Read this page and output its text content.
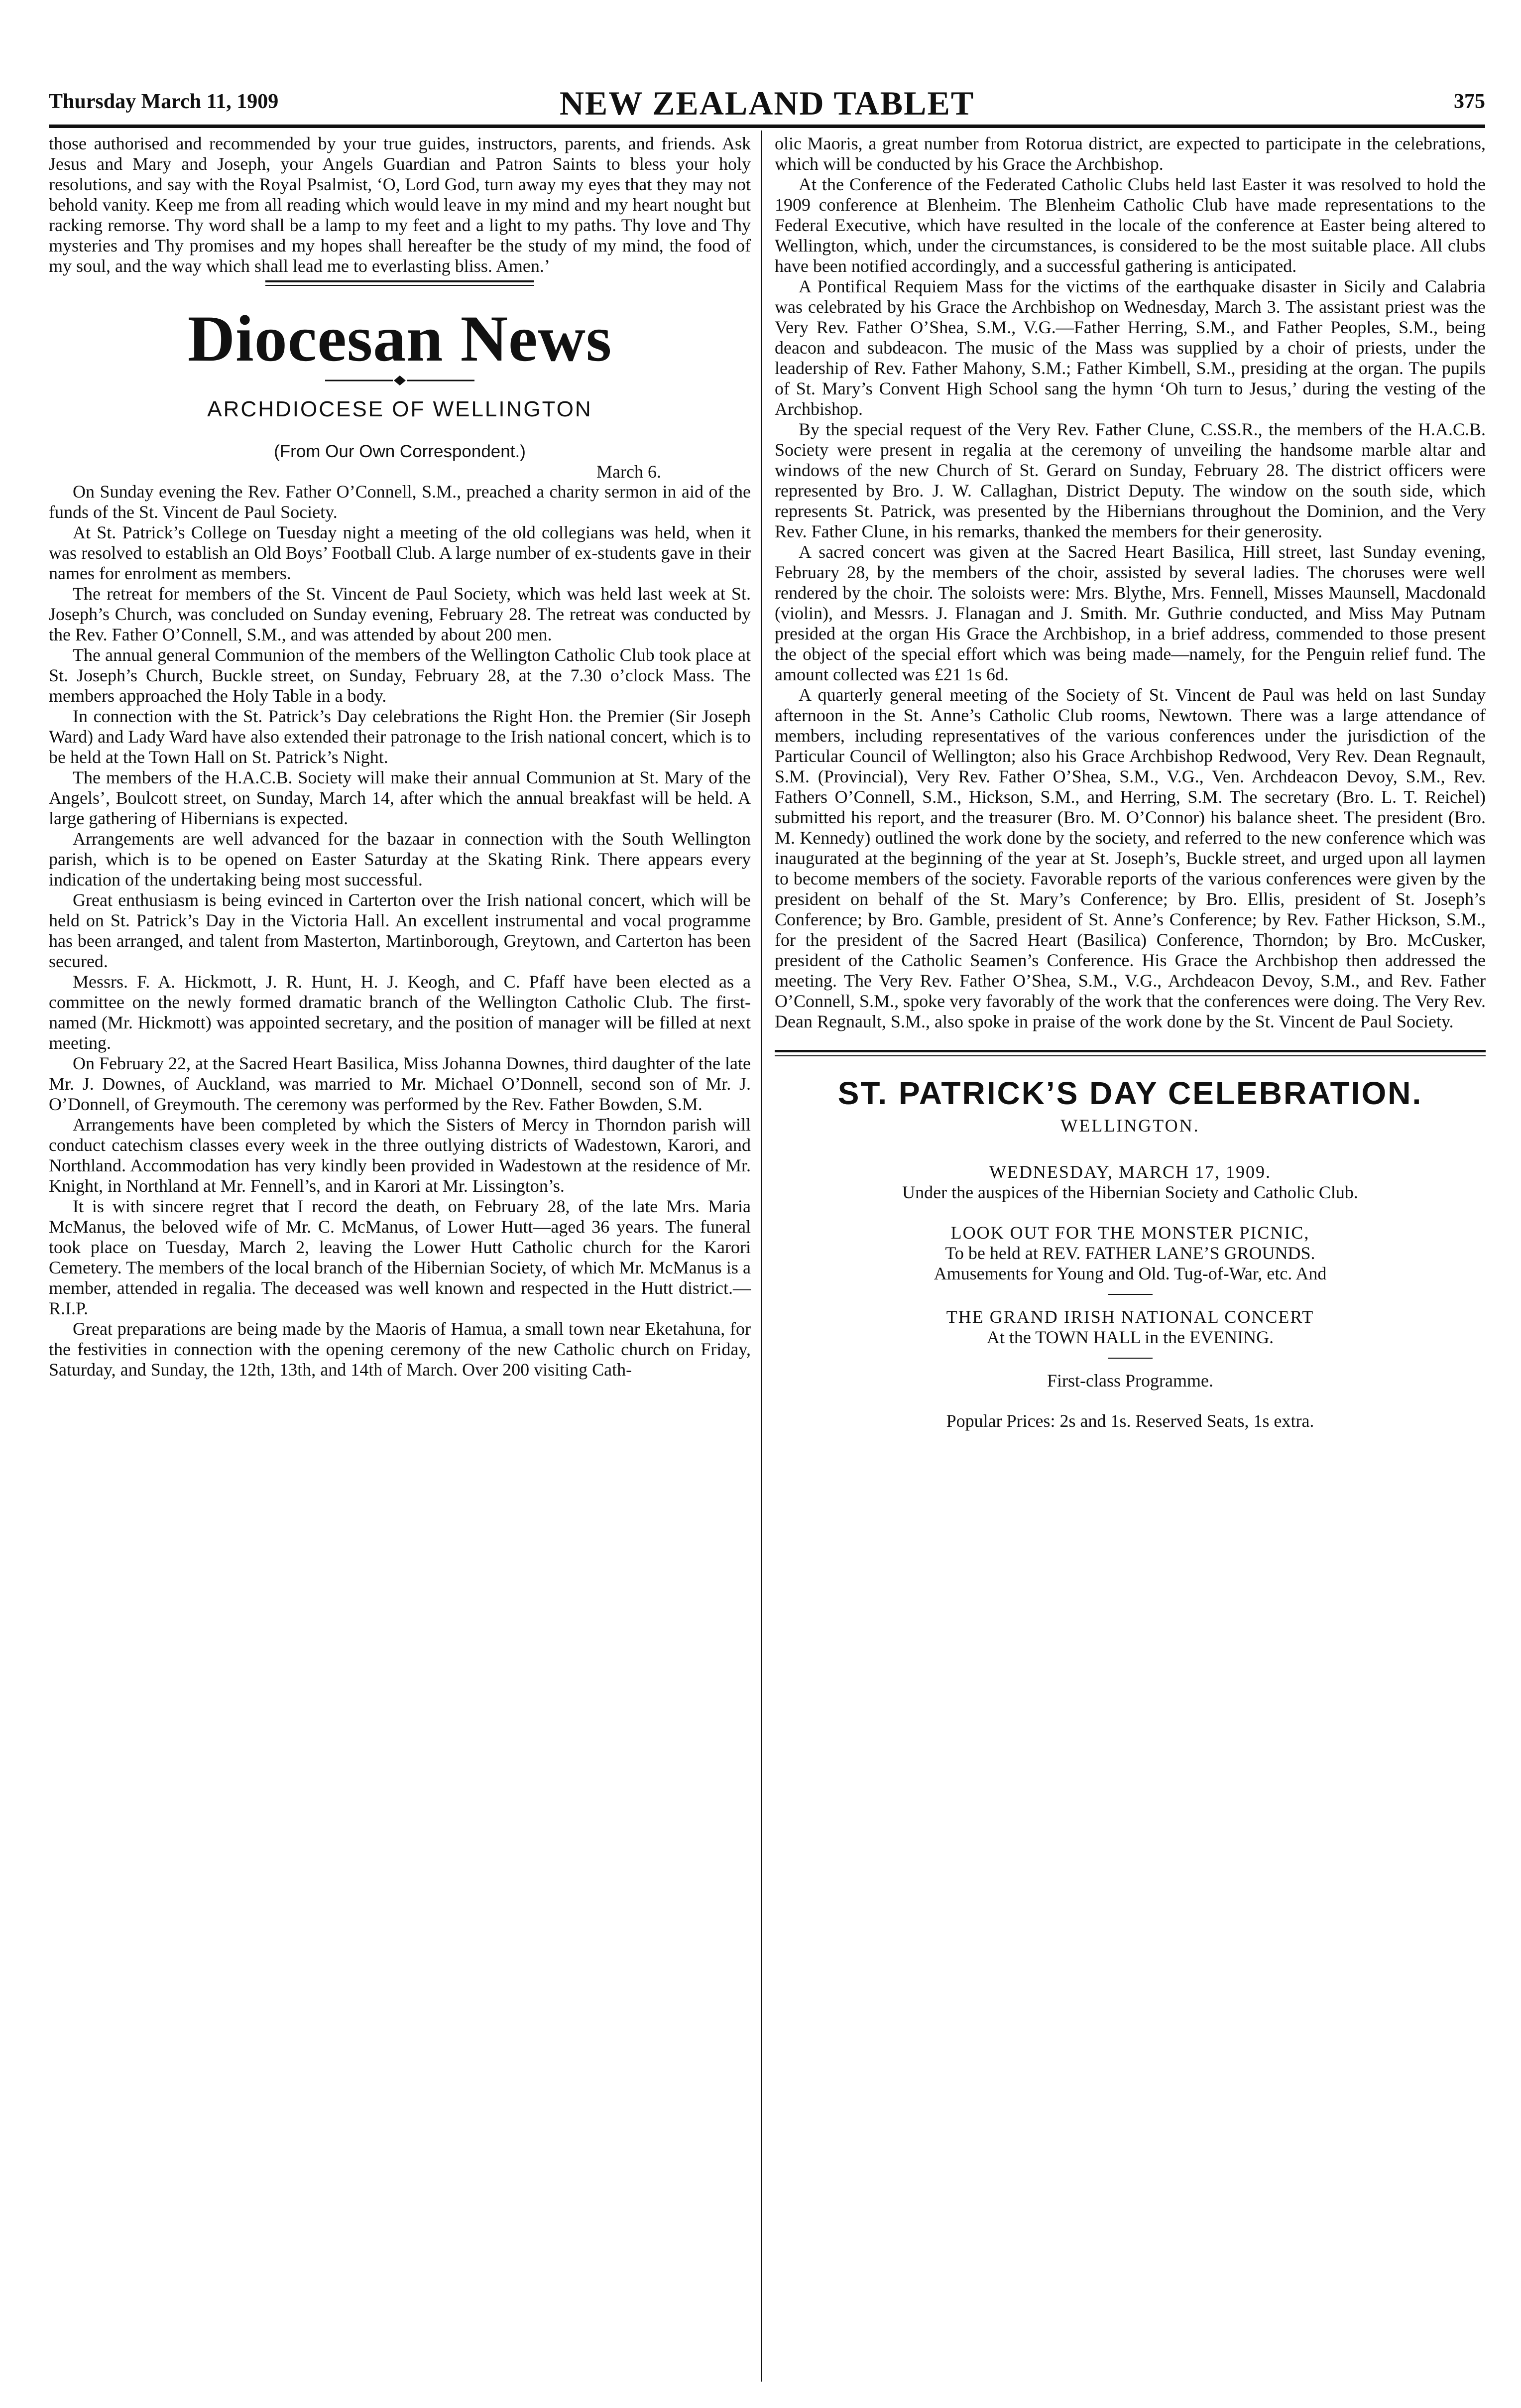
Thursday March 11, 1909	NEW ZEALAND TABLET	375

those authorised and recommended by your true guides, instructors, parents, and friends. Ask Jesus and Mary and Joseph, your Angels Guardian and Patron Saints to bless your holy resolutions, and say with the Royal Psalmist, ‘O, Lord God, turn away my eyes that they may not behold vanity. Keep me from all reading which would leave in my mind and my heart nought but racking remorse. Thy word shall be a lamp to my feet and a light to my paths. Thy love and Thy mysteries and Thy promises and my hopes shall hereafter be the study of my mind, the food of my soul, and the way which shall lead me to everlasting bliss. Amen.’

Diocesan News
ARCHDIOCESE OF WELLINGTON

(From Our Own Correspondent.)

March 6.

On Sunday evening the Rev. Father O’Connell, S.M., preached a charity sermon in aid of the funds of the St. Vincent de Paul Society.

At St. Patrick’s College on Tuesday night a meeting of the old collegians was held, when it was resolved to establish an Old Boys’ Football Club. A large number of ex-students gave in their names for enrolment as members.

The retreat for members of the St. Vincent de Paul Society, which was held last week at St. Joseph’s Church, was concluded on Sunday evening, February 28. The retreat was conducted by the Rev. Father O’Connell, S.M., and was attended by about 200 men.

The annual general Communion of the members of the Wellington Catholic Club took place at St. Joseph’s Church, Buckle street, on Sunday, February 28, at the 7.30 o’clock Mass. The members approached the Holy Table in a body.

In connection with the St. Patrick’s Day celebrations the Right Hon. the Premier (Sir Joseph Ward) and Lady Ward have also extended their patronage to the Irish national concert, which is to be held at the Town Hall on St. Patrick’s Night.

The members of the H.A.C.B. Society will make their annual Communion at St. Mary of the Angels’, Boulcott street, on Sunday, March 14, after which the annual breakfast will be held. A large gathering of Hibernians is expected.

Arrangements are well advanced for the bazaar in connection with the South Wellington parish, which is to be opened on Easter Saturday at the Skating Rink. There appears every indication of the undertaking being most successful.

Great enthusiasm is being evinced in Carterton over the Irish national concert, which will be held on St. Patrick’s Day in the Victoria Hall. An excellent instrumental and vocal programme has been arranged, and talent from Masterton, Martinborough, Greytown, and Carterton has been secured.

Messrs. F. A. Hickmott, J. R. Hunt, H. J. Keogh, and C. Pfaff have been elected as a committee on the newly formed dramatic branch of the Wellington Catholic Club. The first-named (Mr. Hickmott) was appointed secretary, and the position of manager will be filled at next meeting.

On February 22, at the Sacred Heart Basilica, Miss Johanna Downes, third daughter of the late Mr. J. Downes, of Auckland, was married to Mr. Michael O’Donnell, second son of Mr. J. O’Donnell, of Greymouth. The ceremony was performed by the Rev. Father Bowden, S.M.

Arrangements have been completed by which the Sisters of Mercy in Thorndon parish will conduct catechism classes every week in the three outlying districts of Wadestown, Karori, and Northland. Accommodation has very kindly been provided in Wadestown at the residence of Mr. Knight, in Northland at Mr. Fennell’s, and in Karori at Mr. Lissington’s.

It is with sincere regret that I record the death, on February 28, of the late Mrs. Maria McManus, the beloved wife of Mr. C. McManus, of Lower Hutt—aged 36 years. The funeral took place on Tuesday, March 2, leaving the Lower Hutt Catholic church for the Karori Cemetery. The members of the local branch of the Hibernian Society, of which Mr. McManus is a member, attended in regalia. The deceased was well known and respected in the Hutt district.—R.I.P.

Great preparations are being made by the Maoris of Hamua, a small town near Eketahuna, for the festivities in connection with the opening ceremony of the new Catholic church on Friday, Saturday, and Sunday, the 12th, 13th, and 14th of March. Over 200 visiting Cath-

olic Maoris, a great number from Rotorua district, are expected to participate in the celebrations, which will be conducted by his Grace the Archbishop.

At the Conference of the Federated Catholic Clubs held last Easter it was resolved to hold the 1909 conference at Blenheim. The Blenheim Catholic Club have made representations to the Federal Executive, which have resulted in the locale of the conference at Easter being altered to Wellington, which, under the circumstances, is considered to be the most suitable place. All clubs have been notified accordingly, and a successful gathering is anticipated.

A Pontifical Requiem Mass for the victims of the earthquake disaster in Sicily and Calabria was celebrated by his Grace the Archbishop on Wednesday, March 3. The assistant priest was the Very Rev. Father O’Shea, S.M., V.G.—Father Herring, S.M., and Father Peoples, S.M., being deacon and subdeacon. The music of the Mass was supplied by a choir of priests, under the leadership of Rev. Father Mahony, S.M.; Father Kimbell, S.M., presiding at the organ. The pupils of St. Mary’s Convent High School sang the hymn ‘Oh turn to Jesus,’ during the vesting of the Archbishop.

By the special request of the Very Rev. Father Clune, C.SS.R., the members of the H.A.C.B. Society were present in regalia at the ceremony of unveiling the handsome marble altar and windows of the new Church of St. Gerard on Sunday, February 28. The district officers were represented by Bro. J. W. Callaghan, District Deputy. The window on the south side, which represents St. Patrick, was presented by the Hibernians throughout the Dominion, and the Very Rev. Father Clune, in his remarks, thanked the members for their generosity.

A sacred concert was given at the Sacred Heart Basilica, Hill street, last Sunday evening, February 28, by the members of the choir, assisted by several ladies. The choruses were well rendered by the choir. The soloists were: Mrs. Blythe, Mrs. Fennell, Misses Maunsell, Macdonald (violin), and Messrs. J. Flanagan and J. Smith. Mr. Guthrie conducted, and Miss May Putnam presided at the organ His Grace the Archbishop, in a brief address, commended to those present the object of the special effort which was being made—namely, for the Penguin relief fund. The amount collected was £21 1s 6d.

A quarterly general meeting of the Society of St. Vincent de Paul was held on last Sunday afternoon in the St. Anne’s Catholic Club rooms, Newtown. There was a large attendance of members, including representatives of the various conferences under the jurisdiction of the Particular Council of Wellington; also his Grace Archbishop Redwood, Very Rev. Dean Regnault, S.M. (Provincial), Very Rev. Father O’Shea, S.M., V.G., Ven. Archdeacon Devoy, S.M., Rev. Fathers O’Connell, S.M., Hickson, S.M., and Herring, S.M. The secretary (Bro. L. T. Reichel) submitted his report, and the treasurer (Bro. M. O’Connor) his balance sheet. The president (Bro. M. Kennedy) outlined the work done by the society, and referred to the new conference which was inaugurated at the beginning of the year at St. Joseph’s, Buckle street, and urged upon all laymen to become members of the society. Favorable reports of the various conferences were given by the president on behalf of the St. Mary’s Conference; by Bro. Ellis, president of St. Joseph’s Conference; by Bro. Gamble, president of St. Anne’s Conference; by Rev. Father Hickson, S.M., for the president of the Sacred Heart (Basilica) Conference, Thorndon; by Bro. McCusker, president of the Catholic Seamen’s Conference. His Grace the Archbishop then addressed the meeting. The Very Rev. Father O’Shea, S.M., V.G., Archdeacon Devoy, S.M., and Rev. Father O’Connell, S.M., spoke very favorably of the work that the conferences were doing. The Very Rev. Dean Regnault, S.M., also spoke in praise of the work done by the St. Vincent de Paul Society.

ST. PATRICK’S DAY CELEBRATION.

WELLINGTON.

WEDNESDAY, MARCH 17, 1909.

Under the auspices of the Hibernian Society and Catholic Club.

LOOK OUT FOR THE MONSTER PICNIC,

To be held at REV. FATHER LANE’S GROUNDS.

Amusements for Young and Old. Tug-of-War, etc. And

THE GRAND IRISH NATIONAL CONCERT

At the TOWN HALL in the EVENING.

First-class Programme.

Popular Prices: 2s and 1s. Reserved Seats, 1s extra.
